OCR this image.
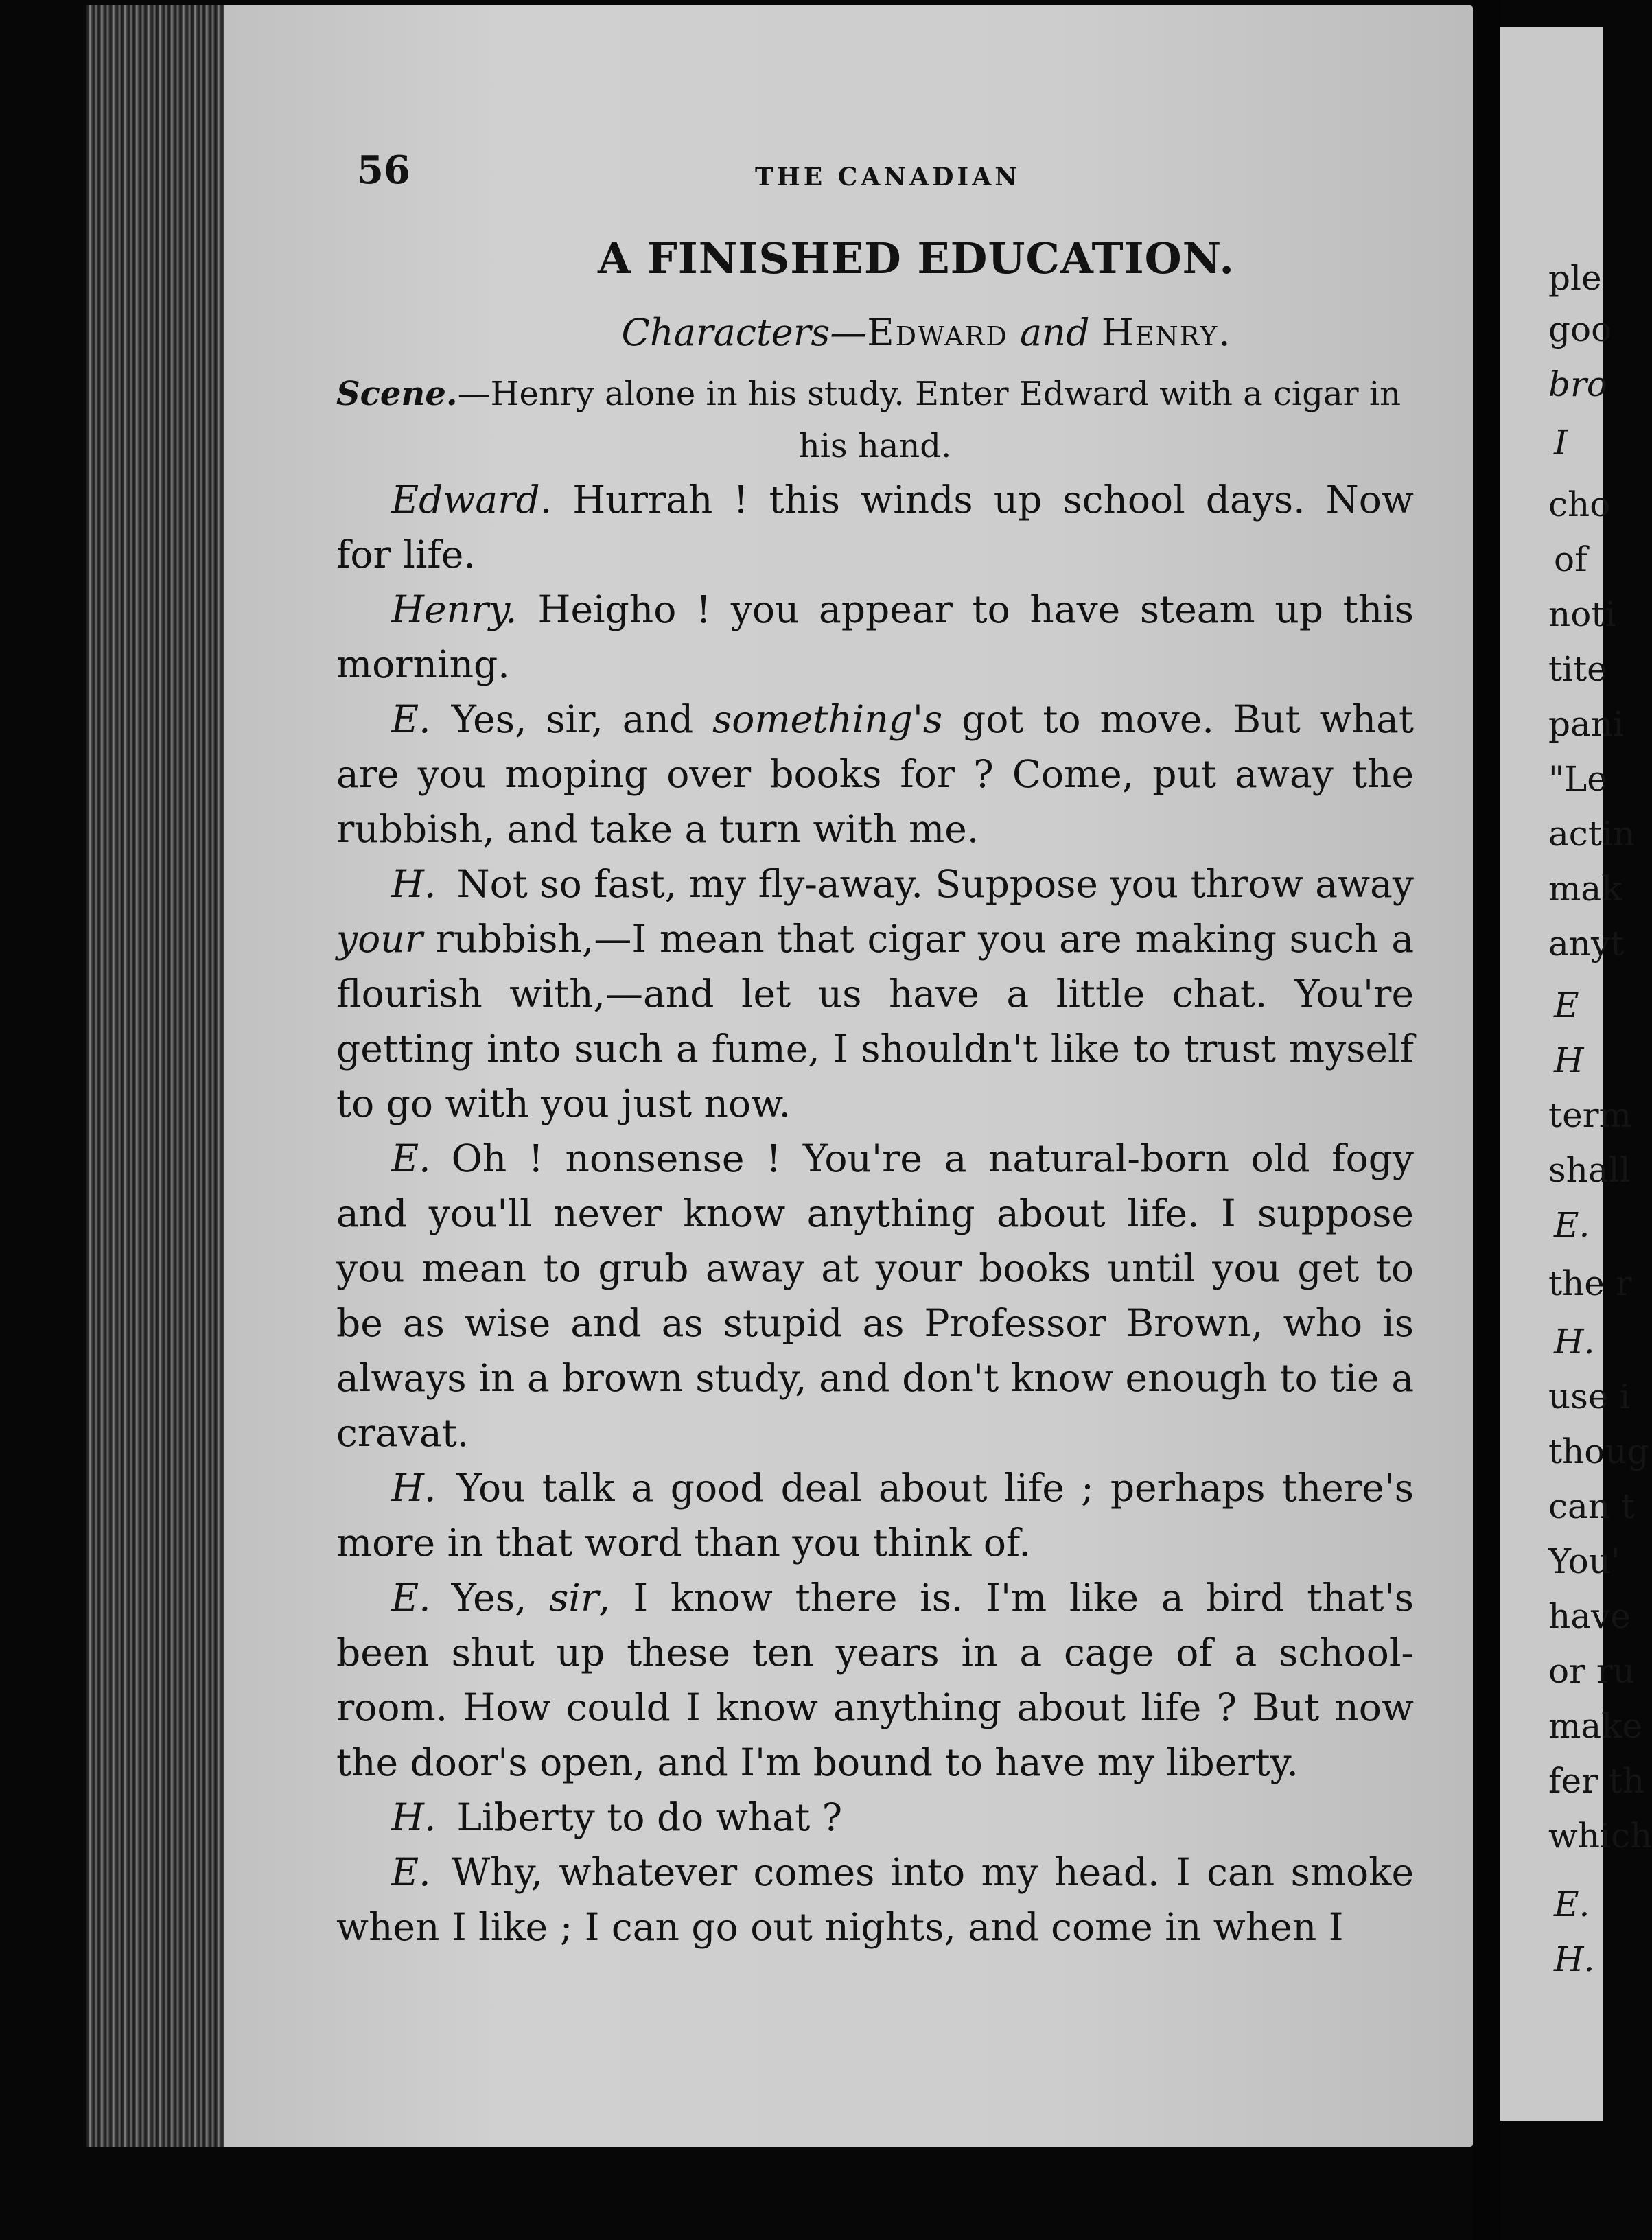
ple
goo
bro
I
cho
of
noti
tite
pani
"Le
actin
mak
anyt
E
H
term
shall
E.
the r
H.
use i
thoug
can t
You'
have
or ru
make
fer th
which
E.
H.
56	THE CANADIAN
A FINISHED EDUCATION.
Characters—Edward and Henry.
Scene.—Henry alone in his study. Enter Edward with a cigar in
his hand.

Edward. Hurrah ! this winds up school days. Now for life.

Henry. Heigho ! you appear to have steam up this morning.

E. Yes, sir, and something's got to move. But what are you moping over books for ? Come, put away the rubbish, and take a turn with me.

H. Not so fast, my fly-away. Suppose you throw away your rubbish,—I mean that cigar you are making such a flourish with,—and let us have a little chat. You're getting into such a fume, I shouldn't like to trust myself to go with you just now.

E. Oh ! nonsense ! You're a natural-born old fogy and you'll never know anything about life. I suppose you mean to grub away at your books until you get to be as wise and as stupid as Professor Brown, who is always in a brown study, and don't know enough to tie a cravat.

H. You talk a good deal about life ; perhaps there's more in that word than you think of.

E. Yes, sir, I know there is. I'm like a bird that's been shut up these ten years in a cage of a school-room. How could I know anything about life ? But now the door's open, and I'm bound to have my liberty.

H. Liberty to do what ?

E. Why, whatever comes into my head. I can smoke when I like ; I can go out nights, and come in when I
